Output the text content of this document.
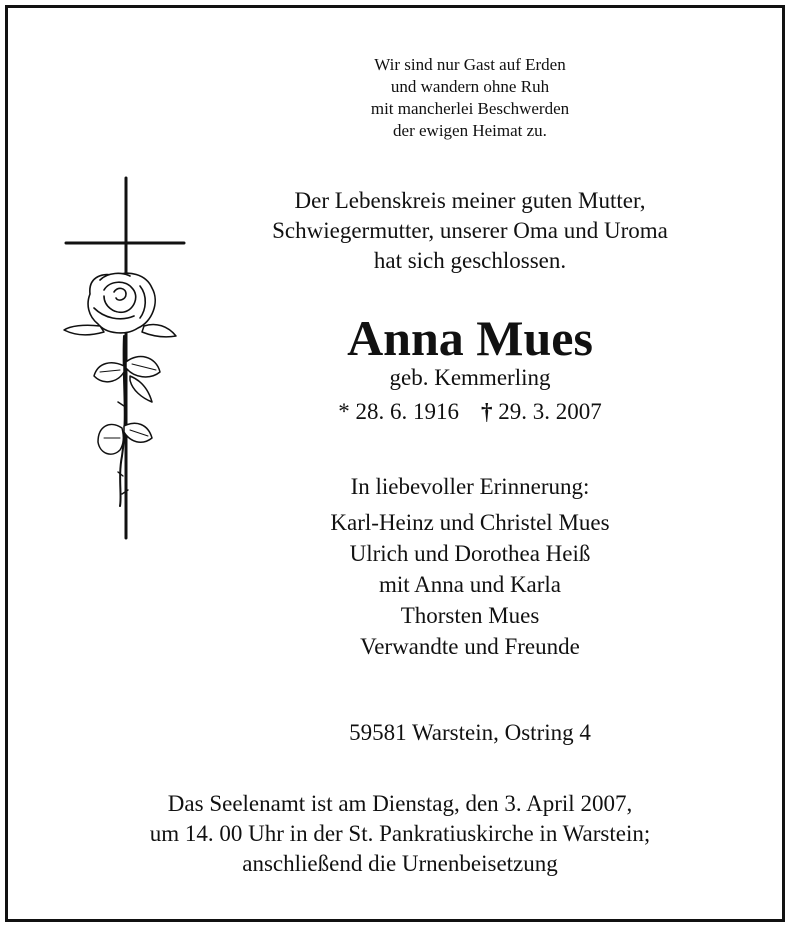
Wir sind nur Gast auf Erden
und wandern ohne Ruh
mit mancherlei Beschwerden
der ewigen Heimat zu.
Der Lebenskreis meiner guten Mutter,
Schwiegermutter, unserer Oma und Uroma
hat sich geschlossen.
Anna Mues
geb. Kemmerling
* 28. 6. 1916 † 29. 3. 2007
In liebevoller Erinnerung:
Karl-Heinz und Christel Mues
Ulrich und Dorothea Heiß
mit Anna und Karla
Thorsten Mues
Verwandte und Freunde
59581 Warstein, Ostring 4
Das Seelenamt ist am Dienstag, den 3. April 2007,
um 14. 00 Uhr in der St. Pankratiuskirche in Warstein;
anschließend die Urnenbeisetzung
